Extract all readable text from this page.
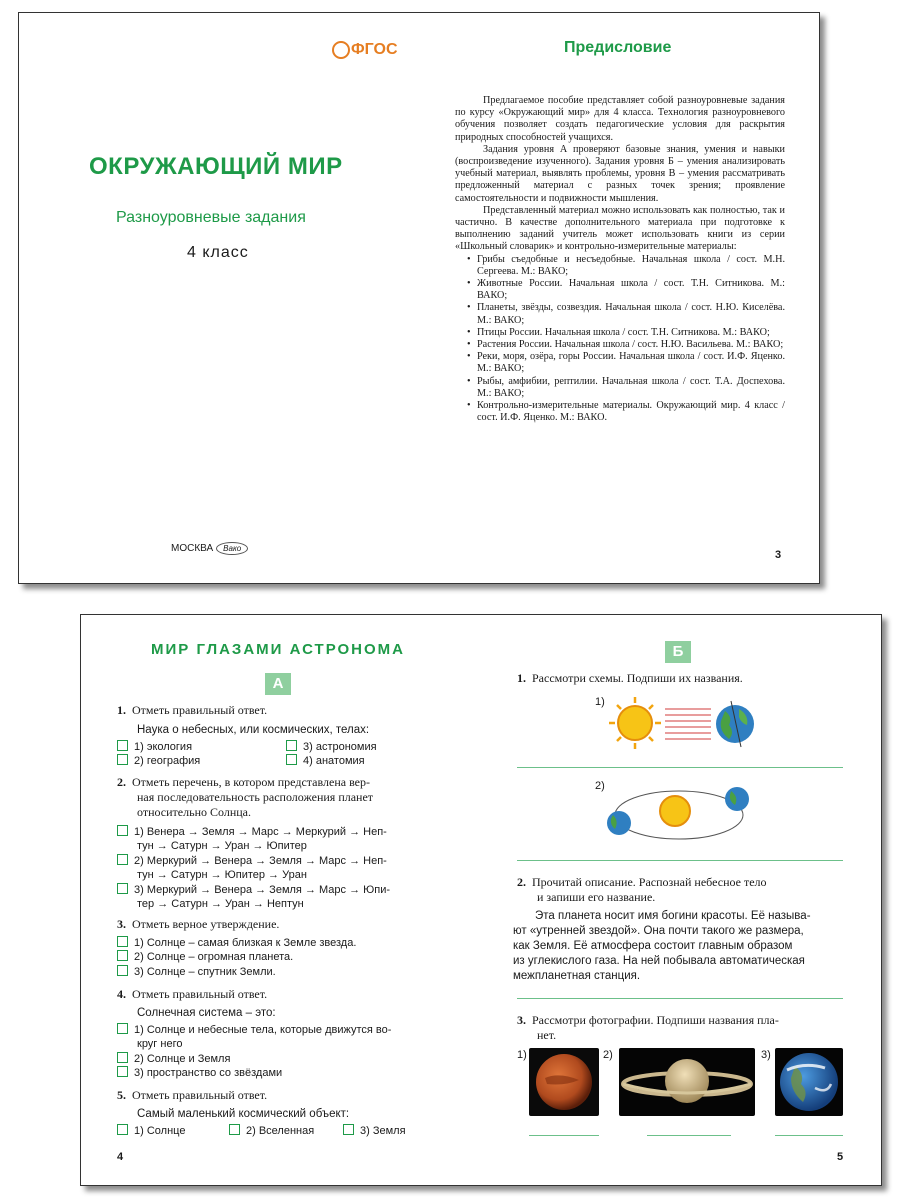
ФГОС
ОКРУЖАЮЩИЙ МИР
Разноуровневые задания
4 класс
МОСКВА Вако
Предисловие

Предлагаемое пособие представляет собой разноуровневые задания по курсу «Окружающий мир» для 4 класса. Технология разноуровневого обучения позволяет создать педагогические условия для раскрытия природных способностей учащихся.

Задания уровня А проверяют базовые знания, умения и навыки (воспроизведение изученного). Задания уровня Б – умения анализировать учебный материал, выявлять проблемы, уровня В – умения рассматривать предложенный материал с разных точек зрения; проявление самостоятельности и подвижности мышления.

Представленный материал можно использовать как полностью, так и частично. В качестве дополнительного материала при подготовке к выполнению заданий учитель может использовать книги из серии «Школьный словарик» и контрольно-измерительные материалы:

• Грибы съедобные и несъедобные. Начальная школа / сост. М.Н. Сергеева. М.: ВАКО;
• Животные России. Начальная школа / сост. Т.Н. Ситникова. М.: ВАКО;
• Планеты, звёзды, созвездия. Начальная школа / сост. Н.Ю. Киселёва. М.: ВАКО;
• Птицы России. Начальная школа / сост. Т.Н. Ситникова. М.: ВАКО;
• Растения России. Начальная школа / сост. Н.Ю. Васильева. М.: ВАКО;
• Реки, моря, озёра, горы России. Начальная школа / сост. И.Ф. Яценко. М.: ВАКО;
• Рыбы, амфибии, рептилии. Начальная школа / сост. Т.А. Доспехова. М.: ВАКО;
• Контрольно-измерительные материалы. Окружающий мир. 4 класс / сост. И.Ф. Яценко. М.: ВАКО.
3
МИР ГЛАЗАМИ АСТРОНОМА
А
Б
1. Отметь правильный ответ.
Наука о небесных, или космических, телах:
1) экология
2) география
3) астрономия
4) анатомия
2. Отметь перечень, в котором представлена вер-
ная последовательность расположения планет
относительно Солнца.
1) Венера → Земля → Марс → Меркурий → Неп-
тун → Сатурн → Уран → Юпитер
2) Меркурий → Венера → Земля → Марс → Неп-
тун → Сатурн → Юпитер → Уран
3) Меркурий → Венера → Земля → Марс → Юпи-
тер → Сатурн → Уран → Нептун
3. Отметь верное утверждение.
1) Солнце – самая близкая к Земле звезда.
2) Солнце – огромная планета.
3) Солнце – спутник Земли.
4. Отметь правильный ответ.
Солнечная система – это:
1) Солнце и небесные тела, которые движутся во-
круг него
2) Солнце и Земля
3) пространство со звёздами
5. Отметь правильный ответ.
Самый маленький космический объект:
1) Солнце	2) Вселенная	3) Земля
4
1. Рассмотри схемы. Подпиши их названия.
1)
2)
2. Прочитай описание. Распознай небесное тело
и запиши его название.
Эта планета носит имя богини красоты. Её называ-
ют «утренней звездой». Она почти такого же размера,
как Земля. Её атмосфера состоит главным образом
из углекислого газа. На ней побывала автоматическая
межпланетная станция.
3. Рассмотри фотографии. Подпиши названия пла-
нет.
1)	2)	3)
5
